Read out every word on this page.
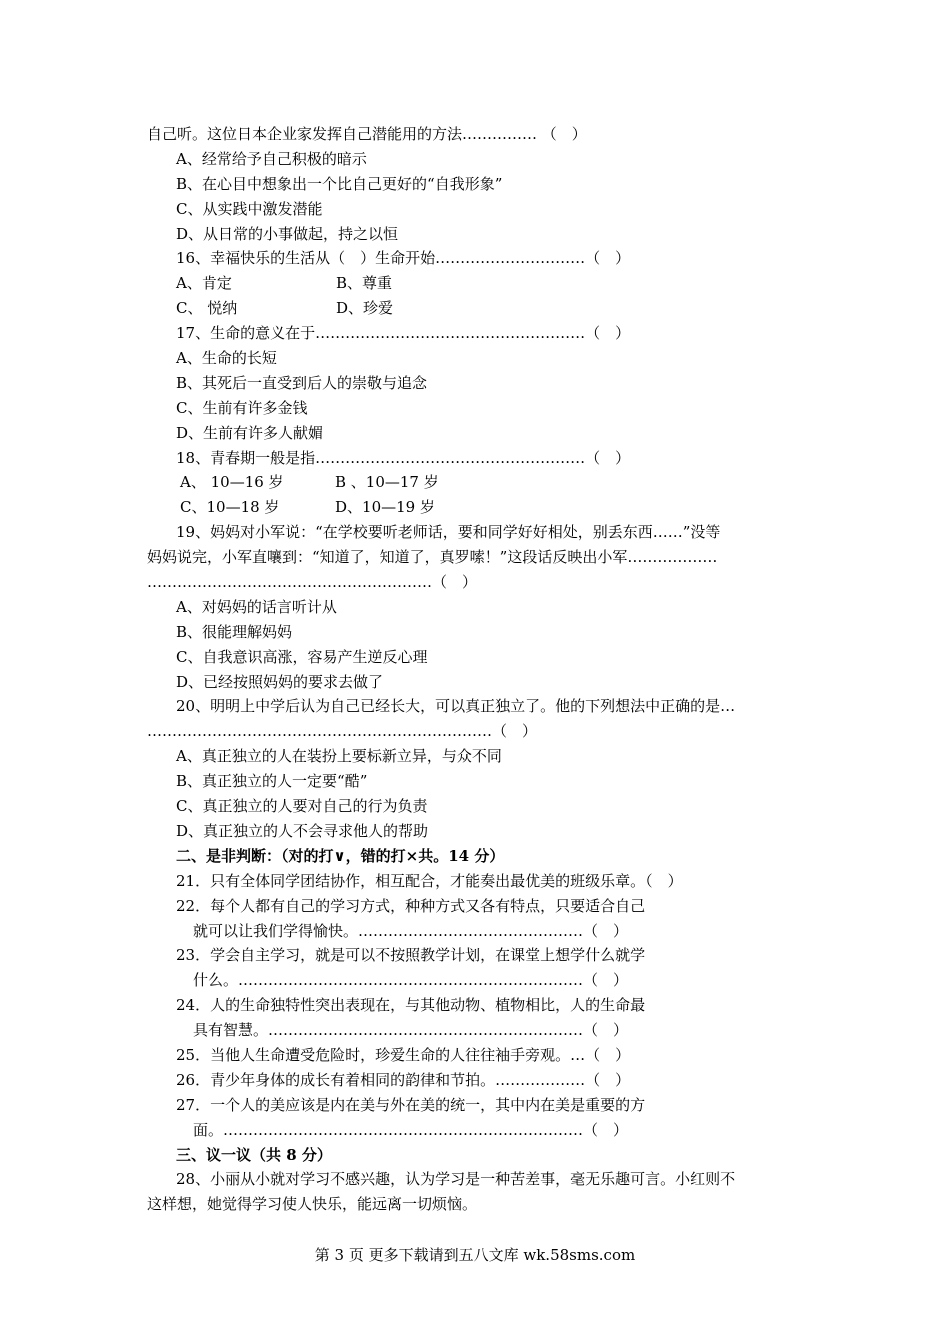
自己听。这位日本企业家发挥自己潜能用的方法…………… （　）
A、经常给予自己积极的暗示
B、在心目中想象出一个比自己更好的“自我形象”
C、从实践中激发潜能
D、从日常的小事做起，持之以恒
16、幸福快乐的生活从（　）生命开始…………………………（　）
A、肯定	B、尊重
C、 悦纳	D、珍爱
17、生命的意义在于………………………………………………（　）
A、生命的长短
B、其死后一直受到后人的崇敬与追念
C、生前有许多金钱
D、生前有许多人献媚
18、青春期一般是指………………………………………………（　）
A、 10—16 岁	B 、10—17 岁
C、10—18 岁	D、10—19 岁
19、妈妈对小军说：“在学校要听老师话，要和同学好好相处，别丢东西……”没等
妈妈说完，小军直嚷到：“知道了，知道了，真罗嗦！”这段话反映出小军………………
…………………………………………………（　）
A、对妈妈的话言听计从
B、很能理解妈妈
C、自我意识高涨，容易产生逆反心理
D、已经按照妈妈的要求去做了
20、明明上中学后认为自己已经长大，可以真正独立了。他的下列想法中正确的是…
……………………………………………………………（　）
A、真正独立的人在装扮上要标新立异，与众不同
B、真正独立的人一定要“酷”
C、真正独立的人要对自己的行为负责
D、真正独立的人不会寻求他人的帮助
二、是非判断：（对的打∨，错的打×共。14 分）
21．只有全体同学团结协作，相互配合，才能奏出最优美的班级乐章。（　）
22．每个人都有自己的学习方式，种种方式又各有特点，只要适合自己
就可以让我们学得愉快。………………………………………（　）
23．学会自主学习，就是可以不按照教学计划，在课堂上想学什么就学
什么。……………………………………………………………（　）
24．人的生命独特性突出表现在，与其他动物、植物相比，人的生命最
具有智慧。………………………………………………………（　）
25．当他人生命遭受危险时，珍爱生命的人往往袖手旁观。…（　）
26．青少年身体的成长有着相同的韵律和节拍。………………（　）
27．一个人的美应该是内在美与外在美的统一，其中内在美是重要的方
面。………………………………………………………………（　）
三、议一议（共 8 分）
28、小丽从小就对学习不感兴趣，认为学习是一种苦差事，毫无乐趣可言。小红则不
这样想，她觉得学习使人快乐，能远离一切烦恼。
第 3 页 更多下载请到五八文库 wk.58sms.com
